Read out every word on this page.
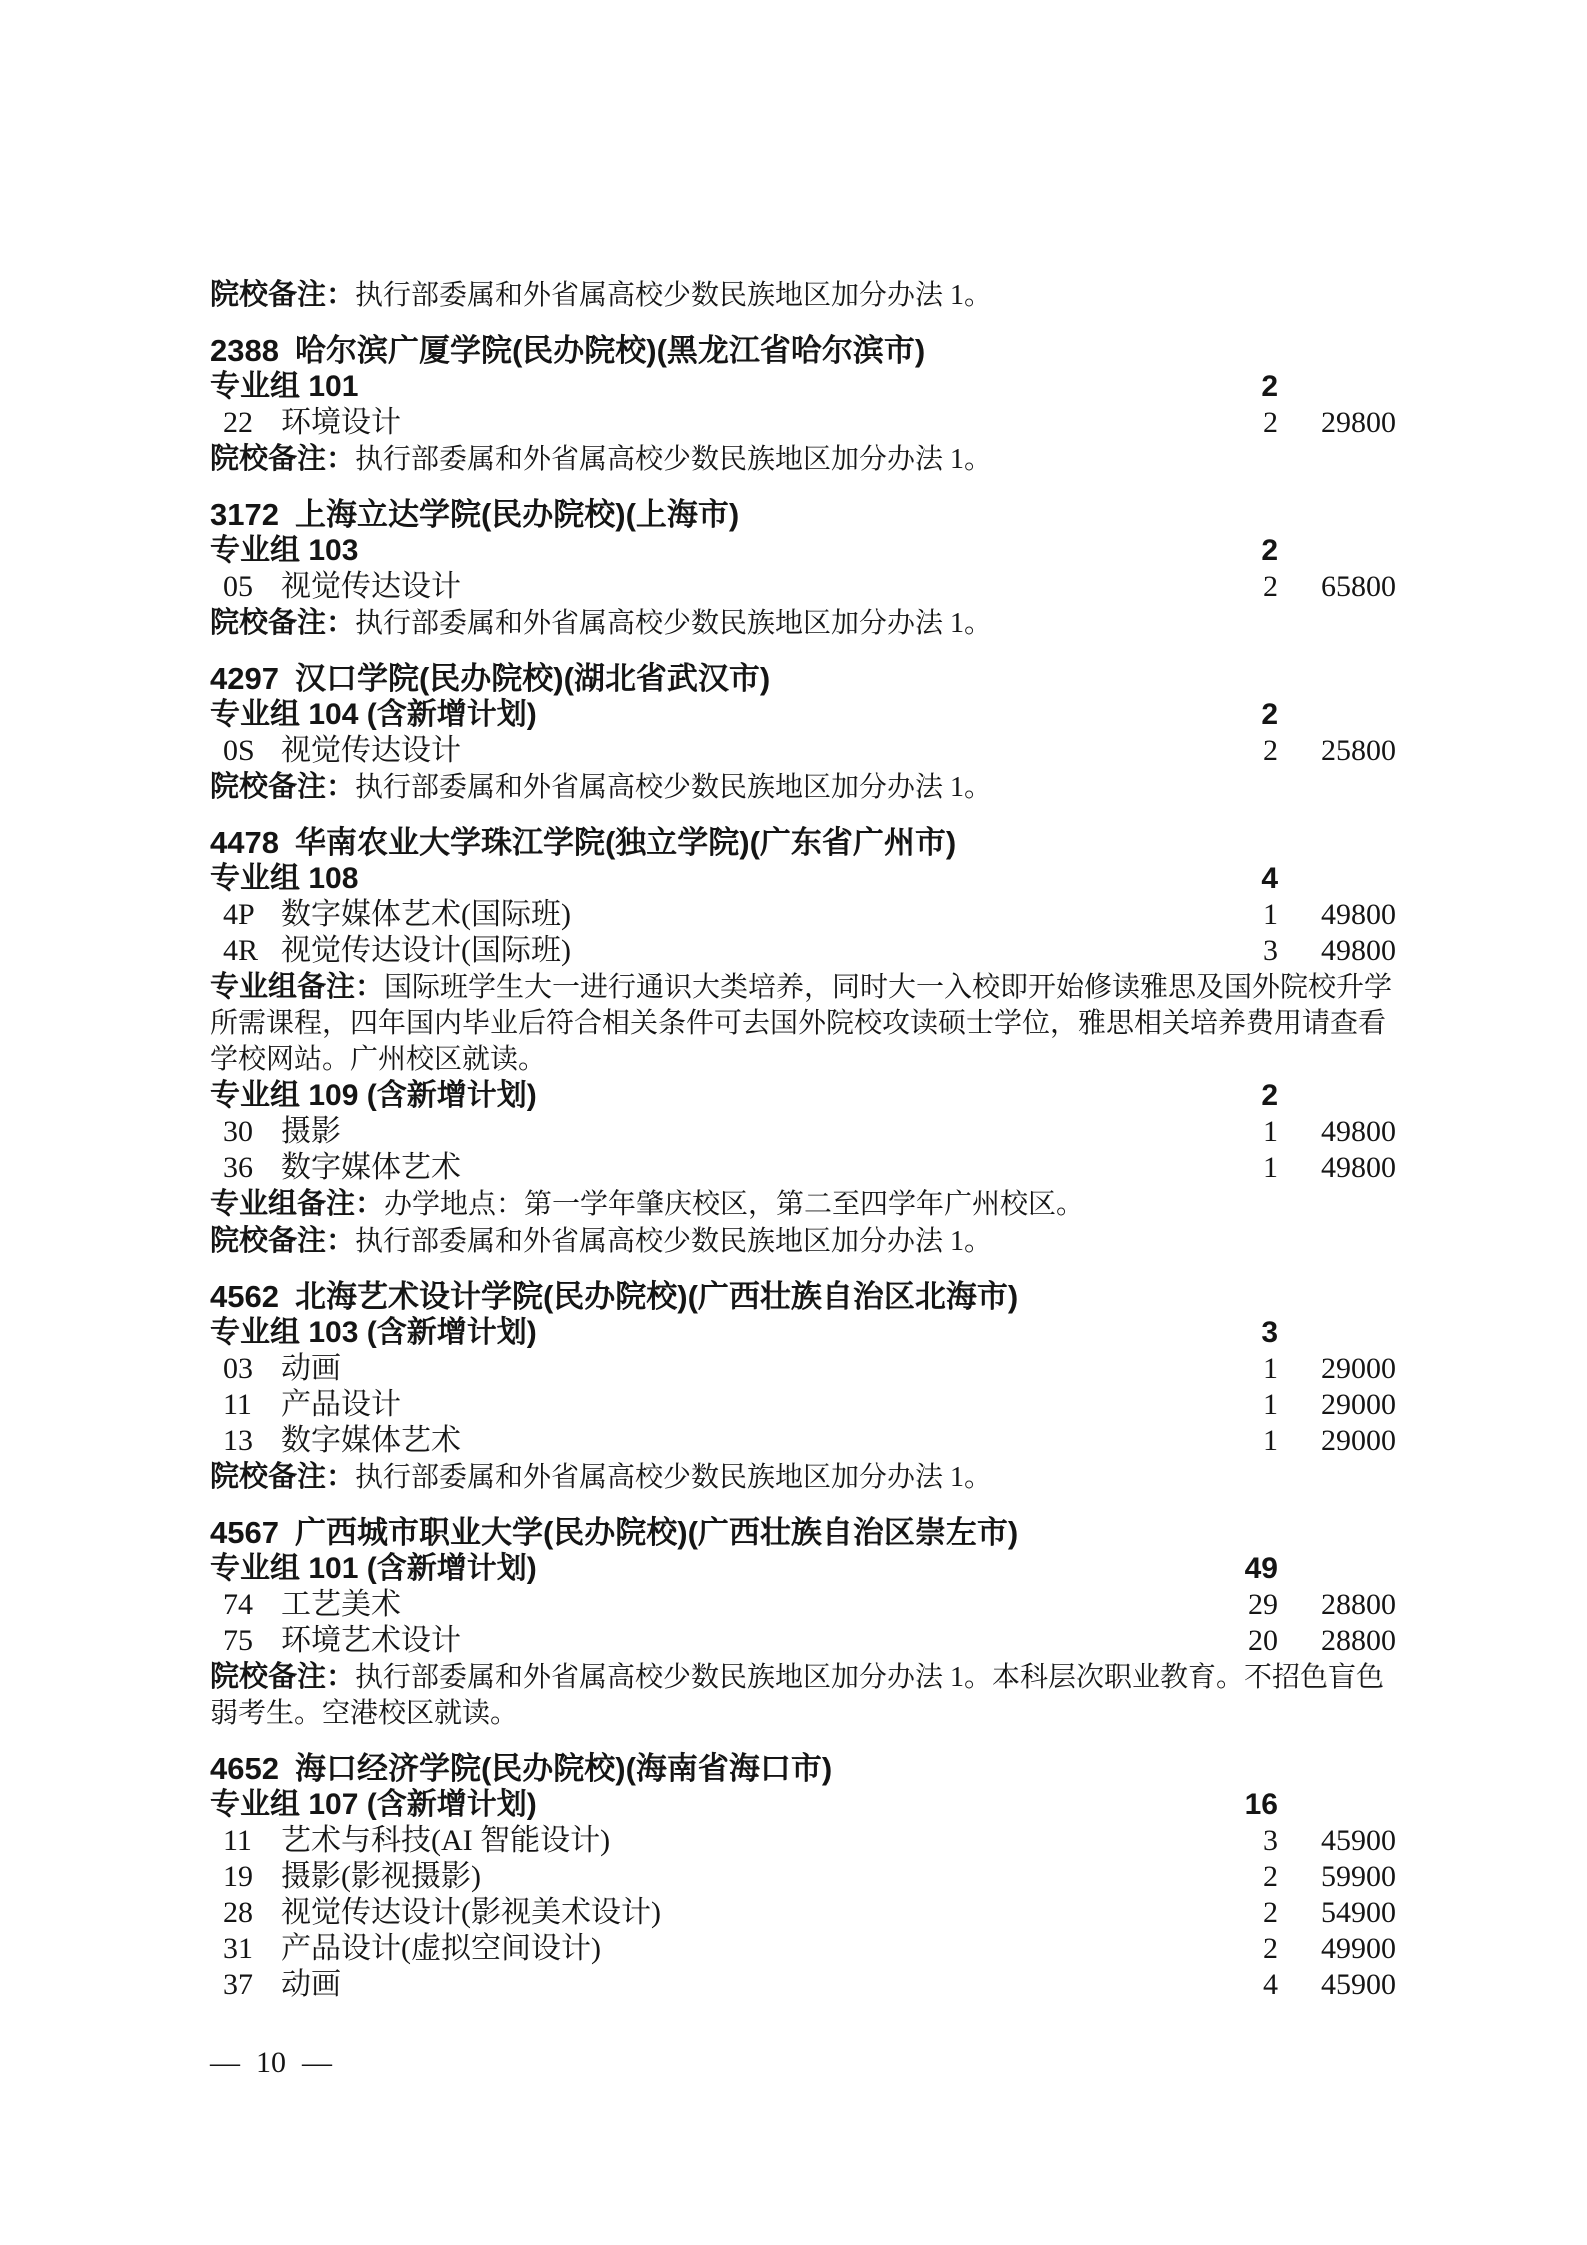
院校备注：执行部委属和外省属高校少数民族地区加分办法 1。
2388 哈尔滨广厦学院(民办院校)(黑龙江省哈尔滨市)
专业组 101	2
22 环境设计	2	29800
院校备注：执行部委属和外省属高校少数民族地区加分办法 1。
3172 上海立达学院(民办院校)(上海市)
专业组 103	2
05 视觉传达设计	2	65800
院校备注：执行部委属和外省属高校少数民族地区加分办法 1。
4297 汉口学院(民办院校)(湖北省武汉市)
专业组 104 (含新增计划)	2
0S 视觉传达设计	2	25800
院校备注：执行部委属和外省属高校少数民族地区加分办法 1。
4478 华南农业大学珠江学院(独立学院)(广东省广州市)
专业组 108	4
4P 数字媒体艺术(国际班)	1	49800
4R 视觉传达设计(国际班)	3	49800
专业组备注：国际班学生大一进行通识大类培养，同时大一入校即开始修读雅思及国外院校升学所需课程，四年国内毕业后符合相关条件可去国外院校攻读硕士学位，雅思相关培养费用请查看学校网站。广州校区就读。
专业组 109 (含新增计划)	2
30 摄影	1	49800
36 数字媒体艺术	1	49800
专业组备注：办学地点：第一学年肇庆校区，第二至四学年广州校区。
院校备注：执行部委属和外省属高校少数民族地区加分办法 1。
4562 北海艺术设计学院(民办院校)(广西壮族自治区北海市)
专业组 103 (含新增计划)	3
03 动画	1	29000
11 产品设计	1	29000
13 数字媒体艺术	1	29000
院校备注：执行部委属和外省属高校少数民族地区加分办法 1。
4567 广西城市职业大学(民办院校)(广西壮族自治区崇左市)
专业组 101 (含新增计划)	49
74 工艺美术	29	28800
75 环境艺术设计	20	28800
院校备注：执行部委属和外省属高校少数民族地区加分办法 1。本科层次职业教育。不招色盲色弱考生。空港校区就读。
4652 海口经济学院(民办院校)(海南省海口市)
专业组 107 (含新增计划)	16
11 艺术与科技(AI 智能设计)	3	45900
19 摄影(影视摄影)	2	59900
28 视觉传达设计(影视美术设计)	2	54900
31 产品设计(虚拟空间设计)	2	49900
37 动画	4	45900
— 10 —
